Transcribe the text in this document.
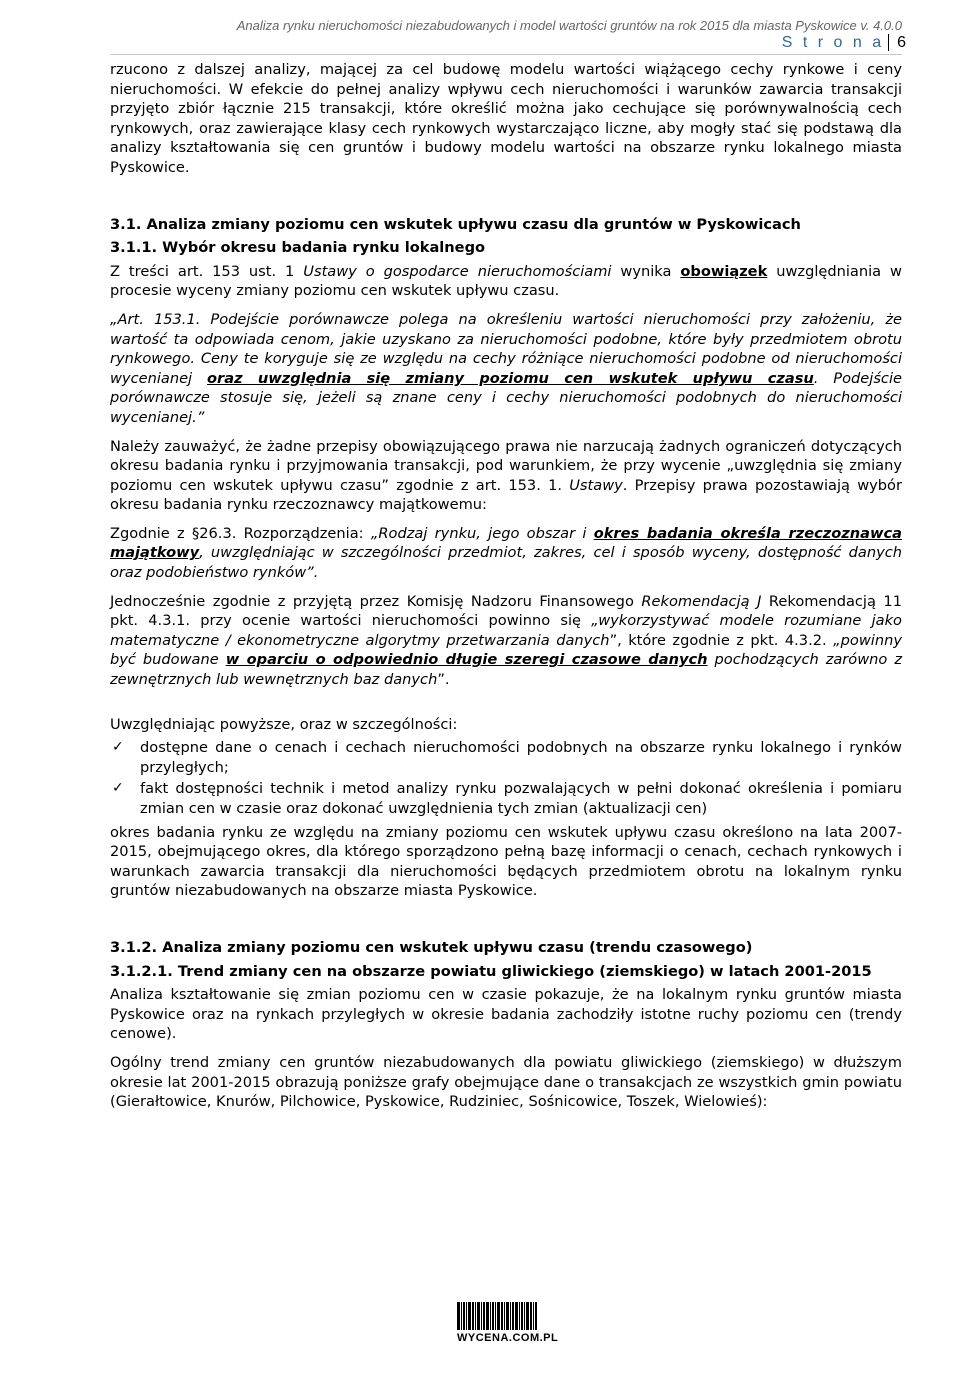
Analiza rynku nieruchomości niezabudowanych i model wartości gruntów na rok 2015 dla miasta Pyskowice v. 4.0.0
S t r o n a 6

rzucono z dalszej analizy, mającej za cel budowę modelu wartości wiążącego cechy rynkowe i ceny nieruchomości. W efekcie do pełnej analizy wpływu cech nieruchomości i warunków zawarcia transakcji przyjęto zbiór łącznie 215 transakcji, które określić można jako cechujące się porównywalnością cech rynkowych, oraz zawierające klasy cech rynkowych wystarczająco liczne, aby mogły stać się podstawą dla analizy kształtowania się cen gruntów i budowy modelu wartości na obszarze rynku lokalnego miasta Pyskowice.

3.1. Analiza zmiany poziomu cen wskutek upływu czasu dla gruntów w Pyskowicach
3.1.1. Wybór okresu badania rynku lokalnego

Z treści art. 153 ust. 1 Ustawy o gospodarce nieruchomościami wynika obowiązek uwzględniania w procesie wyceny zmiany poziomu cen wskutek upływu czasu.

„Art. 153.1. Podejście porównawcze polega na określeniu wartości nieruchomości przy założeniu, że wartość ta odpowiada cenom, jakie uzyskano za nieruchomości podobne, które były przedmiotem obrotu rynkowego. Ceny te koryguje się ze względu na cechy różniące nieruchomości podobne od nieruchomości wycenianej oraz uwzględnia się zmiany poziomu cen wskutek upływu czasu. Podejście porównawcze stosuje się, jeżeli są znane ceny i cechy nieruchomości podobnych do nieruchomości wycenianej.”

Należy zauważyć, że żadne przepisy obowiązującego prawa nie narzucają żadnych ograniczeń dotyczących okresu badania rynku i przyjmowania transakcji, pod warunkiem, że przy wycenie „uwzględnia się zmiany poziomu cen wskutek upływu czasu” zgodnie z art. 153. 1. Ustawy. Przepisy prawa pozostawiają wybór okresu badania rynku rzeczoznawcy majątkowemu:

Zgodnie z §26.3. Rozporządzenia: „Rodzaj rynku, jego obszar i okres badania określa rzeczoznawca majątkowy, uwzględniając w szczególności przedmiot, zakres, cel i sposób wyceny, dostępność danych oraz podobieństwo rynków”.

Jednocześnie zgodnie z przyjętą przez Komisję Nadzoru Finansowego Rekomendacją J Rekomendacją 11 pkt. 4.3.1. przy ocenie wartości nieruchomości powinno się „wykorzystywać modele rozumiane jako matematyczne / ekonometryczne algorytmy przetwarzania danych”, które zgodnie z pkt. 4.3.2. „powinny być budowane w oparciu o odpowiednio długie szeregi czasowe danych pochodzących zarówno z zewnętrznych lub wewnętrznych baz danych”.

Uwzględniając powyższe, oraz w szczególności:

✓ dostępne dane o cenach i cechach nieruchomości podobnych na obszarze rynku lokalnego i rynków przyległych;
✓ fakt dostępności technik i metod analizy rynku pozwalających w pełni dokonać określenia i pomiaru zmian cen w czasie oraz dokonać uwzględnienia tych zmian (aktualizacji cen)

okres badania rynku ze względu na zmiany poziomu cen wskutek upływu czasu określono na lata 2007-2015, obejmującego okres, dla którego sporządzono pełną bazę informacji o cenach, cechach rynkowych i warunkach zawarcia transakcji dla nieruchomości będących przedmiotem obrotu na lokalnym rynku gruntów niezabudowanych na obszarze miasta Pyskowice.

3.1.2. Analiza zmiany poziomu cen wskutek upływu czasu (trendu czasowego)
3.1.2.1. Trend zmiany cen na obszarze powiatu gliwickiego (ziemskiego) w latach 2001-2015

Analiza kształtowanie się zmian poziomu cen w czasie pokazuje, że na lokalnym rynku gruntów miasta Pyskowice oraz na rynkach przyległych w okresie badania zachodziły istotne ruchy poziomu cen (trendy cenowe).

Ogólny trend zmiany cen gruntów niezabudowanych dla powiatu gliwickiego (ziemskiego) w dłuższym okresie lat 2001-2015 obrazują poniższe grafy obejmujące dane o transakcjach ze wszystkich gmin powiatu (Gierałtowice, Knurów, Pilchowice, Pyskowice, Rudziniec, Sośnicowice, Toszek, Wielowieś):

WYCENA.COM.PL
